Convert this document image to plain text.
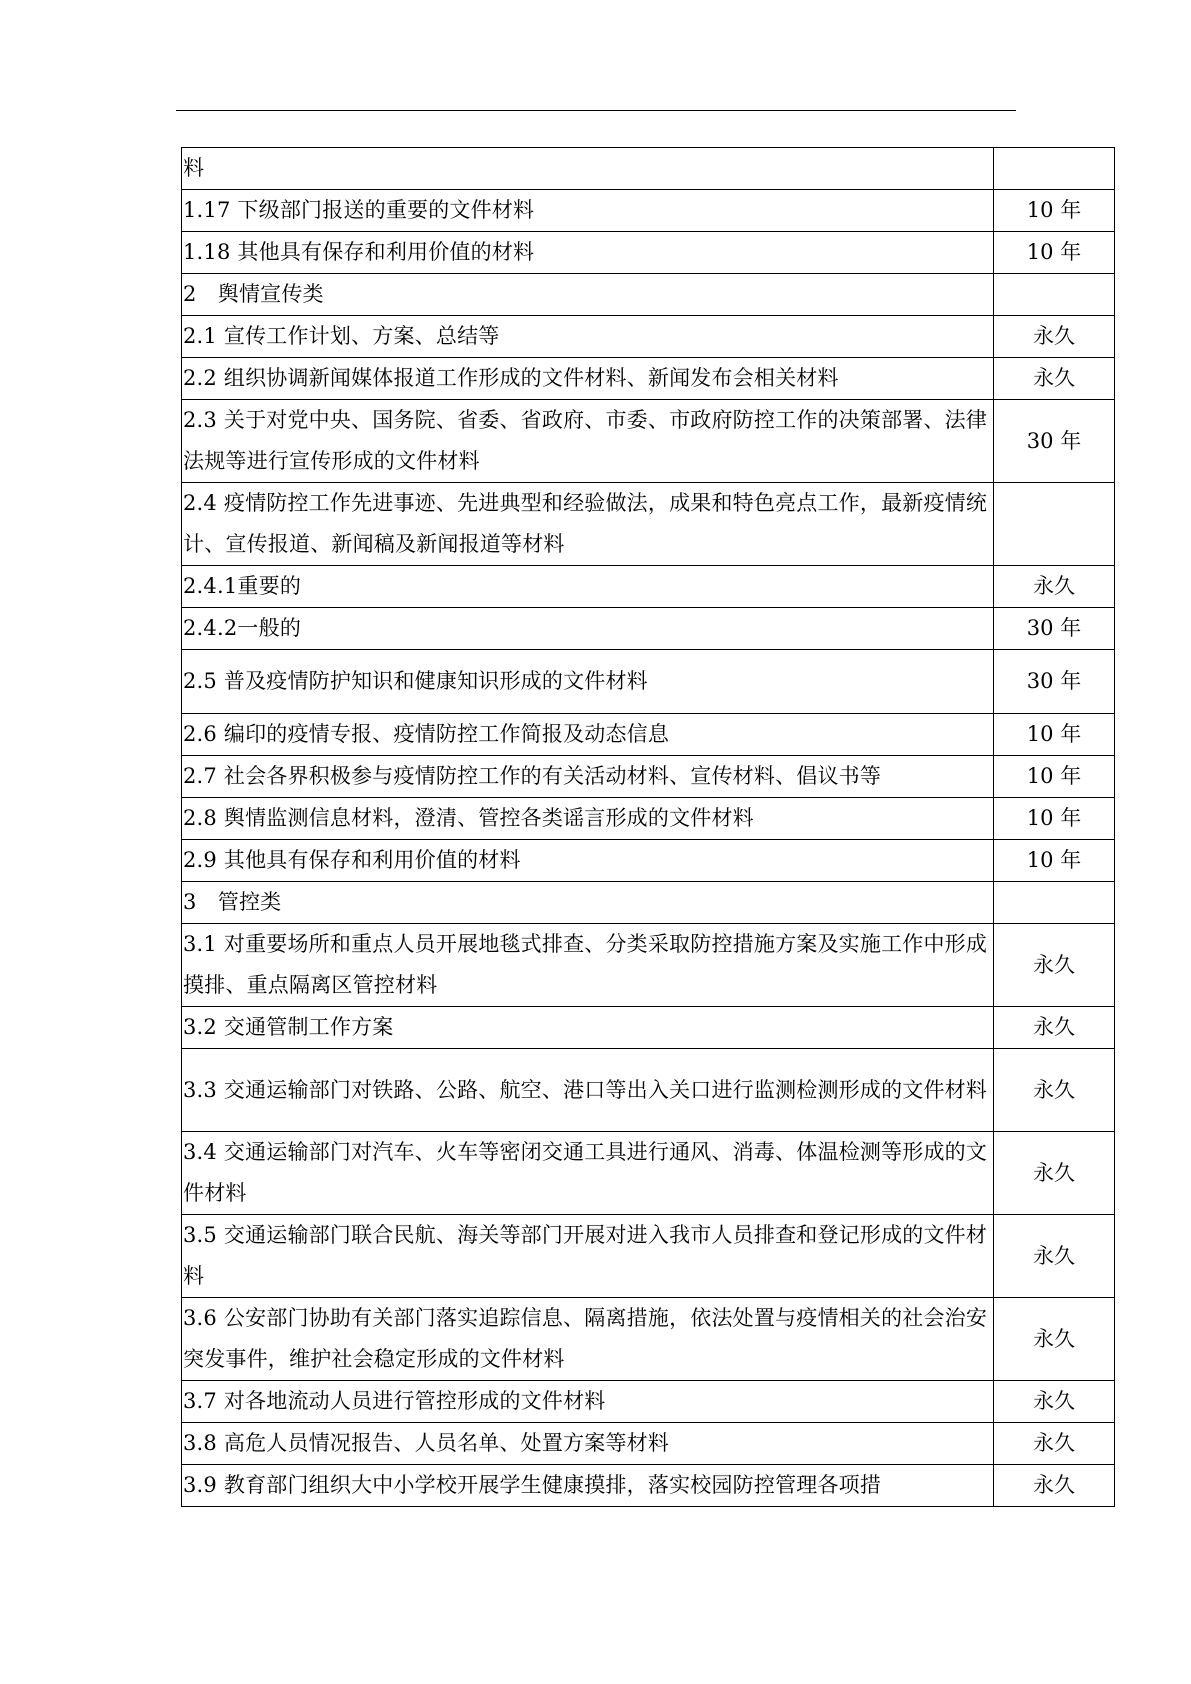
料	
1.17 下级部门报送的重要的文件材料	10 年
1.18 其他具有保存和利用价值的材料	10 年
2　舆情宣传类	
2.1 宣传工作计划、方案、总结等	永久
2.2 组织协调新闻媒体报道工作形成的文件材料、新闻发布会相关材料	永久
2.3 关于对党中央、国务院、省委、省政府、市委、市政府防控工作的决策部署、法律法规等进行宣传形成的文件材料	30 年
2.4 疫情防控工作先进事迹、先进典型和经验做法，成果和特色亮点工作，最新疫情统计、宣传报道、新闻稿及新闻报道等材料	
2.4.1重要的	永久
2.4.2一般的	30 年
2.5 普及疫情防护知识和健康知识形成的文件材料	30 年
2.6 编印的疫情专报、疫情防控工作简报及动态信息	10 年
2.7 社会各界积极参与疫情防控工作的有关活动材料、宣传材料、倡议书等	10 年
2.8 舆情监测信息材料，澄清、管控各类谣言形成的文件材料	10 年
2.9 其他具有保存和利用价值的材料	10 年
3　管控类	
3.1 对重要场所和重点人员开展地毯式排查、分类采取防控措施方案及实施工作中形成摸排、重点隔离区管控材料	永久
3.2 交通管制工作方案	永久
3.3 交通运输部门对铁路、公路、航空、港口等出入关口进行监测检测形成的文件材料	永久
3.4 交通运输部门对汽车、火车等密闭交通工具进行通风、消毒、体温检测等形成的文件材料	永久
3.5 交通运输部门联合民航、海关等部门开展对进入我市人员排查和登记形成的文件材料	永久
3.6 公安部门协助有关部门落实追踪信息、隔离措施，依法处置与疫情相关的社会治安突发事件，维护社会稳定形成的文件材料	永久
3.7 对各地流动人员进行管控形成的文件材料	永久
3.8 高危人员情况报告、人员名单、处置方案等材料	永久
3.9 教育部门组织大中小学校开展学生健康摸排，落实校园防控管理各项措	永久
